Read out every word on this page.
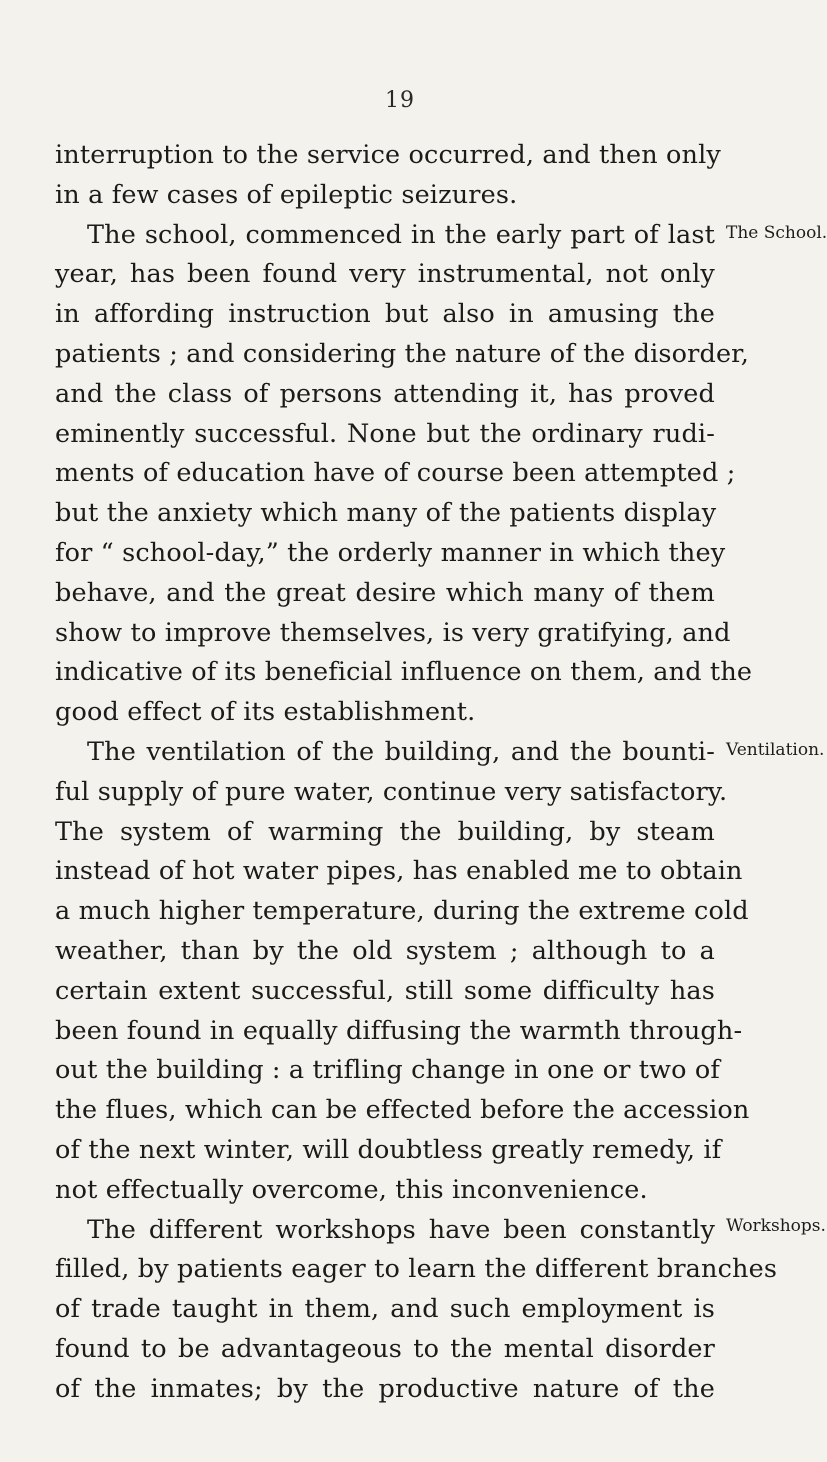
19
interruption to the service occurred, and then only
in a few cases of epileptic seizures.
The school, commenced in the early part of last
year, has been found very instrumental, not only
in affording instruction but also in amusing the
patients ; and considering the nature of the disorder,
and the class of persons attending it, has proved
eminently successful. None but the ordinary rudi-
ments of education have of course been attempted ;
but the anxiety which many of the patients display
for “ school-day,” the orderly manner in which they
behave, and the great desire which many of them
show to improve themselves, is very gratifying, and
indicative of its beneficial influence on them, and the
good effect of its establishment.
The ventilation of the building, and the bounti-
ful supply of pure water, continue very satisfactory.
The system of warming the building, by steam
instead of hot water pipes, has enabled me to obtain
a much higher temperature, during the extreme cold
weather, than by the old system ; although to a
certain extent successful, still some difficulty has
been found in equally diffusing the warmth through-
out the building : a trifling change in one or two of
the flues, which can be effected before the accession
of the next winter, will doubtless greatly remedy, if
not effectually overcome, this inconvenience.
The different workshops have been constantly
filled, by patients eager to learn the different branches
of trade taught in them, and such employment is
found to be advantageous to the mental disorder
of the inmates; by the productive nature of the
The School.
Ventilation.
Workshops.
